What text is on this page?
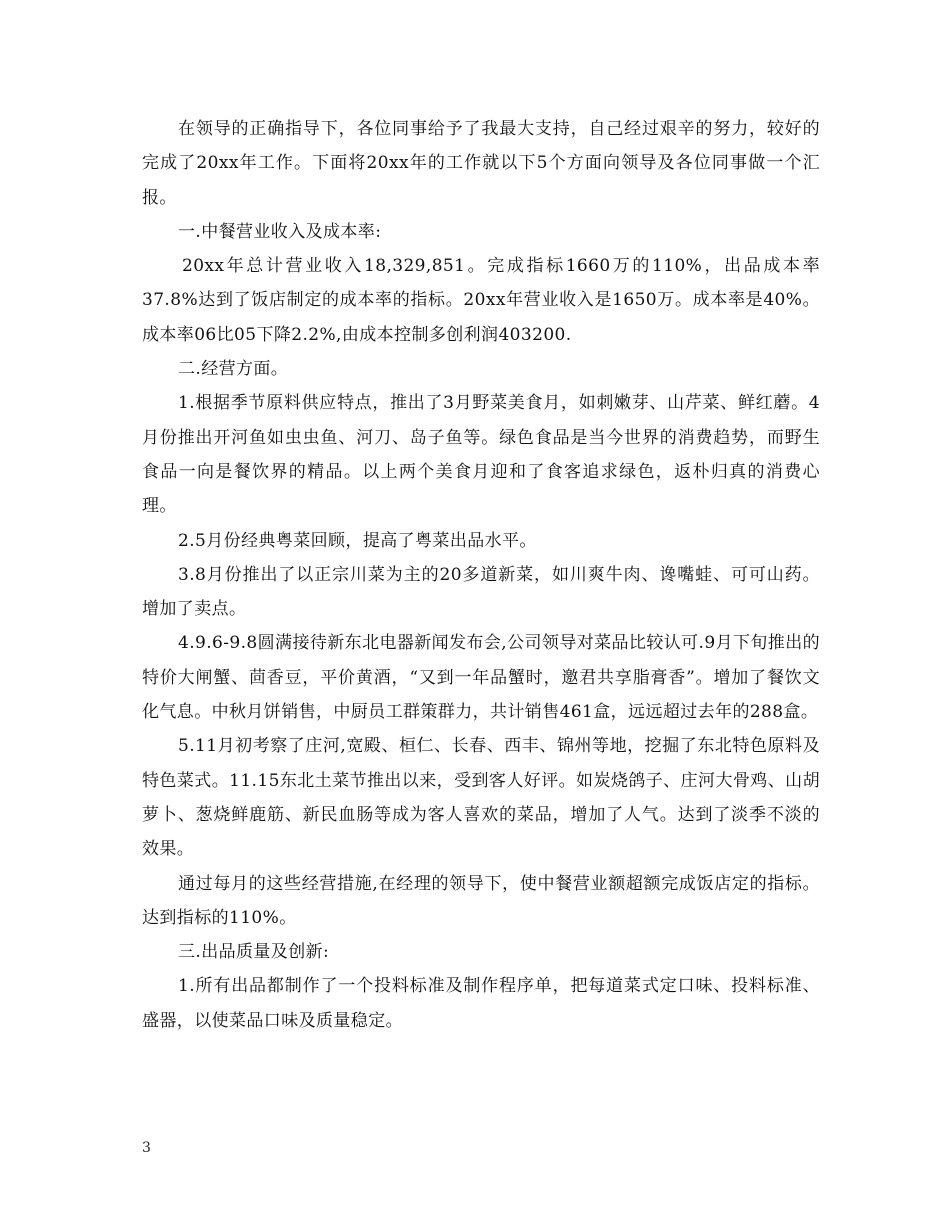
在领导的正确指导下，各位同事给予了我最大支持，自己经过艰辛的努力，较好的完成了20xx年工作。下面将20xx年的工作就以下5个方面向领导及各位同事做一个汇报。

一.中餐营业收入及成本率:

20xx年总计营业收入18,329,851。完成指标1660万的110%，出品成本率37.8%达到了饭店制定的成本率的指标。20xx年营业收入是1650万。成本率是40%。成本率06比05下降2.2%,由成本控制多创利润403200.

二.经营方面。

1.根据季节原料供应特点，推出了3月野菜美食月，如刺嫩芽、山芹菜、鲜红蘑。4月份推出开河鱼如虫虫鱼、河刀、岛子鱼等。绿色食品是当今世界的消费趋势，而野生食品一向是餐饮界的精品。以上两个美食月迎和了食客追求绿色，返朴归真的消费心理。

2.5月份经典粤菜回顾，提高了粤菜出品水平。

3.8月份推出了以正宗川菜为主的20多道新菜，如川爽牛肉、谗嘴蛙、可可山药。增加了卖点。

4.9.6-9.8圆满接待新东北电器新闻发布会,公司领导对菜品比较认可.9月下旬推出的特价大闸蟹、茴香豆，平价黄酒，“又到一年品蟹时，邀君共享脂膏香”。增加了餐饮文化气息。中秋月饼销售，中厨员工群策群力，共计销售461盒，远远超过去年的288盒。

5.11月初考察了庄河,宽殿、桓仁、长春、西丰、锦州等地，挖掘了东北特色原料及特色菜式。11.15东北土菜节推出以来，受到客人好评。如炭烧鸽子、庄河大骨鸡、山胡萝卜、葱烧鲜鹿筋、新民血肠等成为客人喜欢的菜品，增加了人气。达到了淡季不淡的效果。

通过每月的这些经营措施,在经理的领导下，使中餐营业额超额完成饭店定的指标。达到指标的110%。

三.出品质量及创新:

1.所有出品都制作了一个投料标准及制作程序单，把每道菜式定口味、投料标准、盛器，以使菜品口味及质量稳定。

3
